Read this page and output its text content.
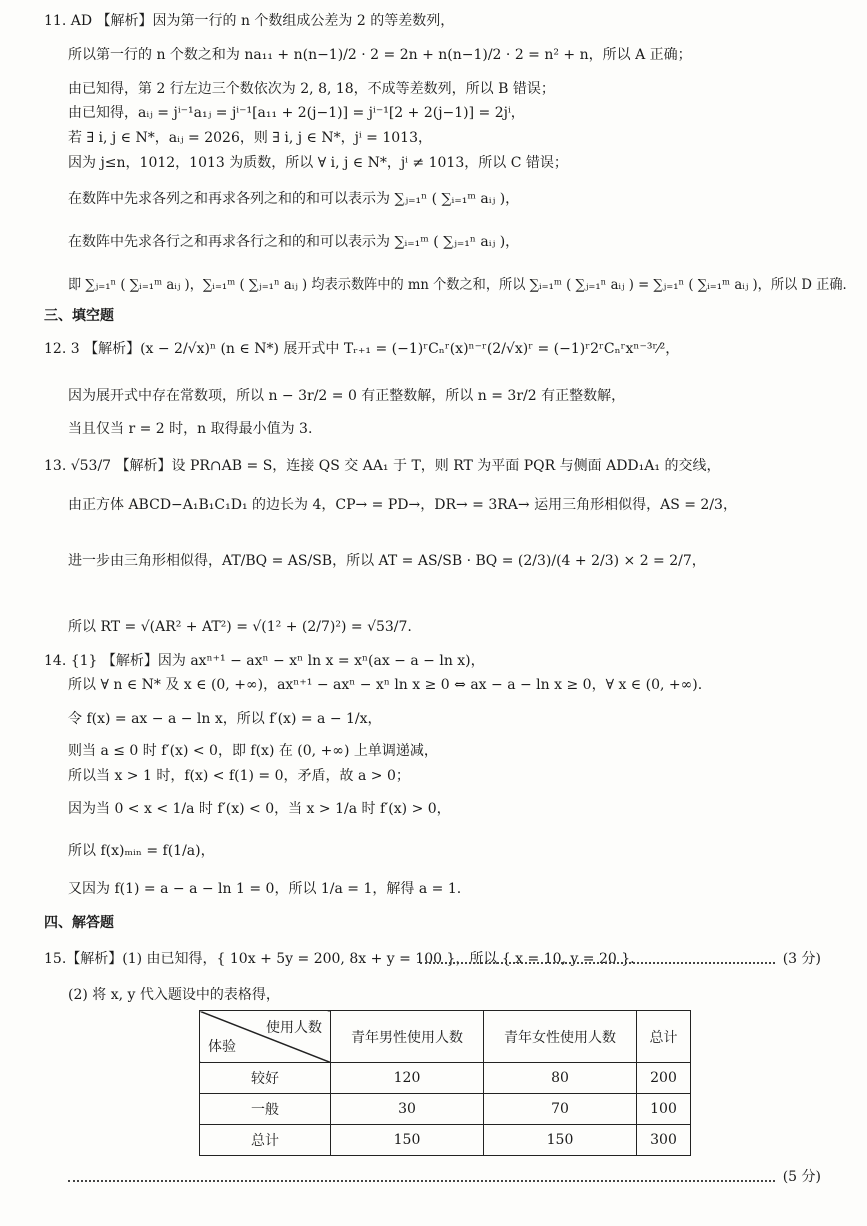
11. AD 【解析】因为第一行的 n 个数组成公差为 2 的等差数列，
所以第一行的 n 个数之和为 na₁₁ + n(n−1)/2 · 2 = 2n + n(n−1)/2 · 2 = n² + n，所以 A 正确；
由已知得，第 2 行左边三个数依次为 2, 8, 18，不成等差数列，所以 B 错误；
由已知得，aᵢⱼ = jⁱ⁻¹a₁ⱼ = jⁱ⁻¹[a₁₁ + 2(j−1)] = jⁱ⁻¹[2 + 2(j−1)] = 2jⁱ，
若 ∃ i, j ∈ N*，aᵢⱼ = 2026，则 ∃ i, j ∈ N*，jⁱ = 1013，
因为 j≤n，1012，1013 为质数，所以 ∀ i, j ∈ N*，jⁱ ≠ 1013，所以 C 错误；
在数阵中先求各列之和再求各列之和的和可以表示为 ∑ⱼ₌₁ⁿ ( ∑ᵢ₌₁ᵐ aᵢⱼ )，
在数阵中先求各行之和再求各行之和的和可以表示为 ∑ᵢ₌₁ᵐ ( ∑ⱼ₌₁ⁿ aᵢⱼ )，
即 ∑ⱼ₌₁ⁿ ( ∑ᵢ₌₁ᵐ aᵢⱼ )，∑ᵢ₌₁ᵐ ( ∑ⱼ₌₁ⁿ aᵢⱼ ) 均表示数阵中的 mn 个数之和，所以 ∑ᵢ₌₁ᵐ ( ∑ⱼ₌₁ⁿ aᵢⱼ ) = ∑ⱼ₌₁ⁿ ( ∑ᵢ₌₁ᵐ aᵢⱼ )，所以 D 正确.
三、填空题
12. 3 【解析】(x − 2/√x)ⁿ (n ∈ N*) 展开式中 Tᵣ₊₁ = (−1)ʳCₙʳ(x)ⁿ⁻ʳ(2/√x)ʳ = (−1)ʳ2ʳCₙʳxⁿ⁻³ʳ⁄²，
因为展开式中存在常数项，所以 n − 3r/2 = 0 有正整数解，所以 n = 3r/2 有正整数解，
当且仅当 r = 2 时，n 取得最小值为 3.
13. √53/7 【解析】设 PR∩AB = S，连接 QS 交 AA₁ 于 T，则 RT 为平面 PQR 与侧面 ADD₁A₁ 的交线，
由正方体 ABCD−A₁B₁C₁D₁ 的边长为 4，CP→ = PD→，DR→ = 3RA→ 运用三角形相似得，AS = 2/3，
进一步由三角形相似得，AT/BQ = AS/SB，所以 AT = AS/SB · BQ = (2/3)/(4 + 2/3) × 2 = 2/7，
所以 RT = √(AR² + AT²) = √(1² + (2/7)²) = √53/7.
14. {1} 【解析】因为 axⁿ⁺¹ − axⁿ − xⁿ ln x = xⁿ(ax − a − ln x)，
所以 ∀ n ∈ N* 及 x ∈ (0, +∞)，axⁿ⁺¹ − axⁿ − xⁿ ln x ≥ 0 ⇔ ax − a − ln x ≥ 0，∀ x ∈ (0, +∞).
令 f(x) = ax − a − ln x，所以 f′(x) = a − 1/x，
则当 a ≤ 0 时 f′(x) < 0，即 f(x) 在 (0, +∞) 上单调递减，
所以当 x > 1 时，f(x) < f(1) = 0，矛盾，故 a > 0；
因为当 0 < x < 1/a 时 f′(x) < 0，当 x > 1/a 时 f′(x) > 0，
所以 f(x)ₘᵢₙ = f(1/a)，
又因为 f(1) = a − a − ln 1 = 0，所以 1/a = 1，解得 a = 1.
四、解答题
15.【解析】(1) 由已知得，{ 10x + 5y = 200, 8x + y = 100 }，所以 { x = 10, y = 20 }.	(3 分)
(2) 将 x, y 代入题设中的表格得，
使用人数
体验	青年男性使用人数	青年女性使用人数	总计
较好	120	80	200
一般	30	70	100
总计	150	150	300
(5 分)
